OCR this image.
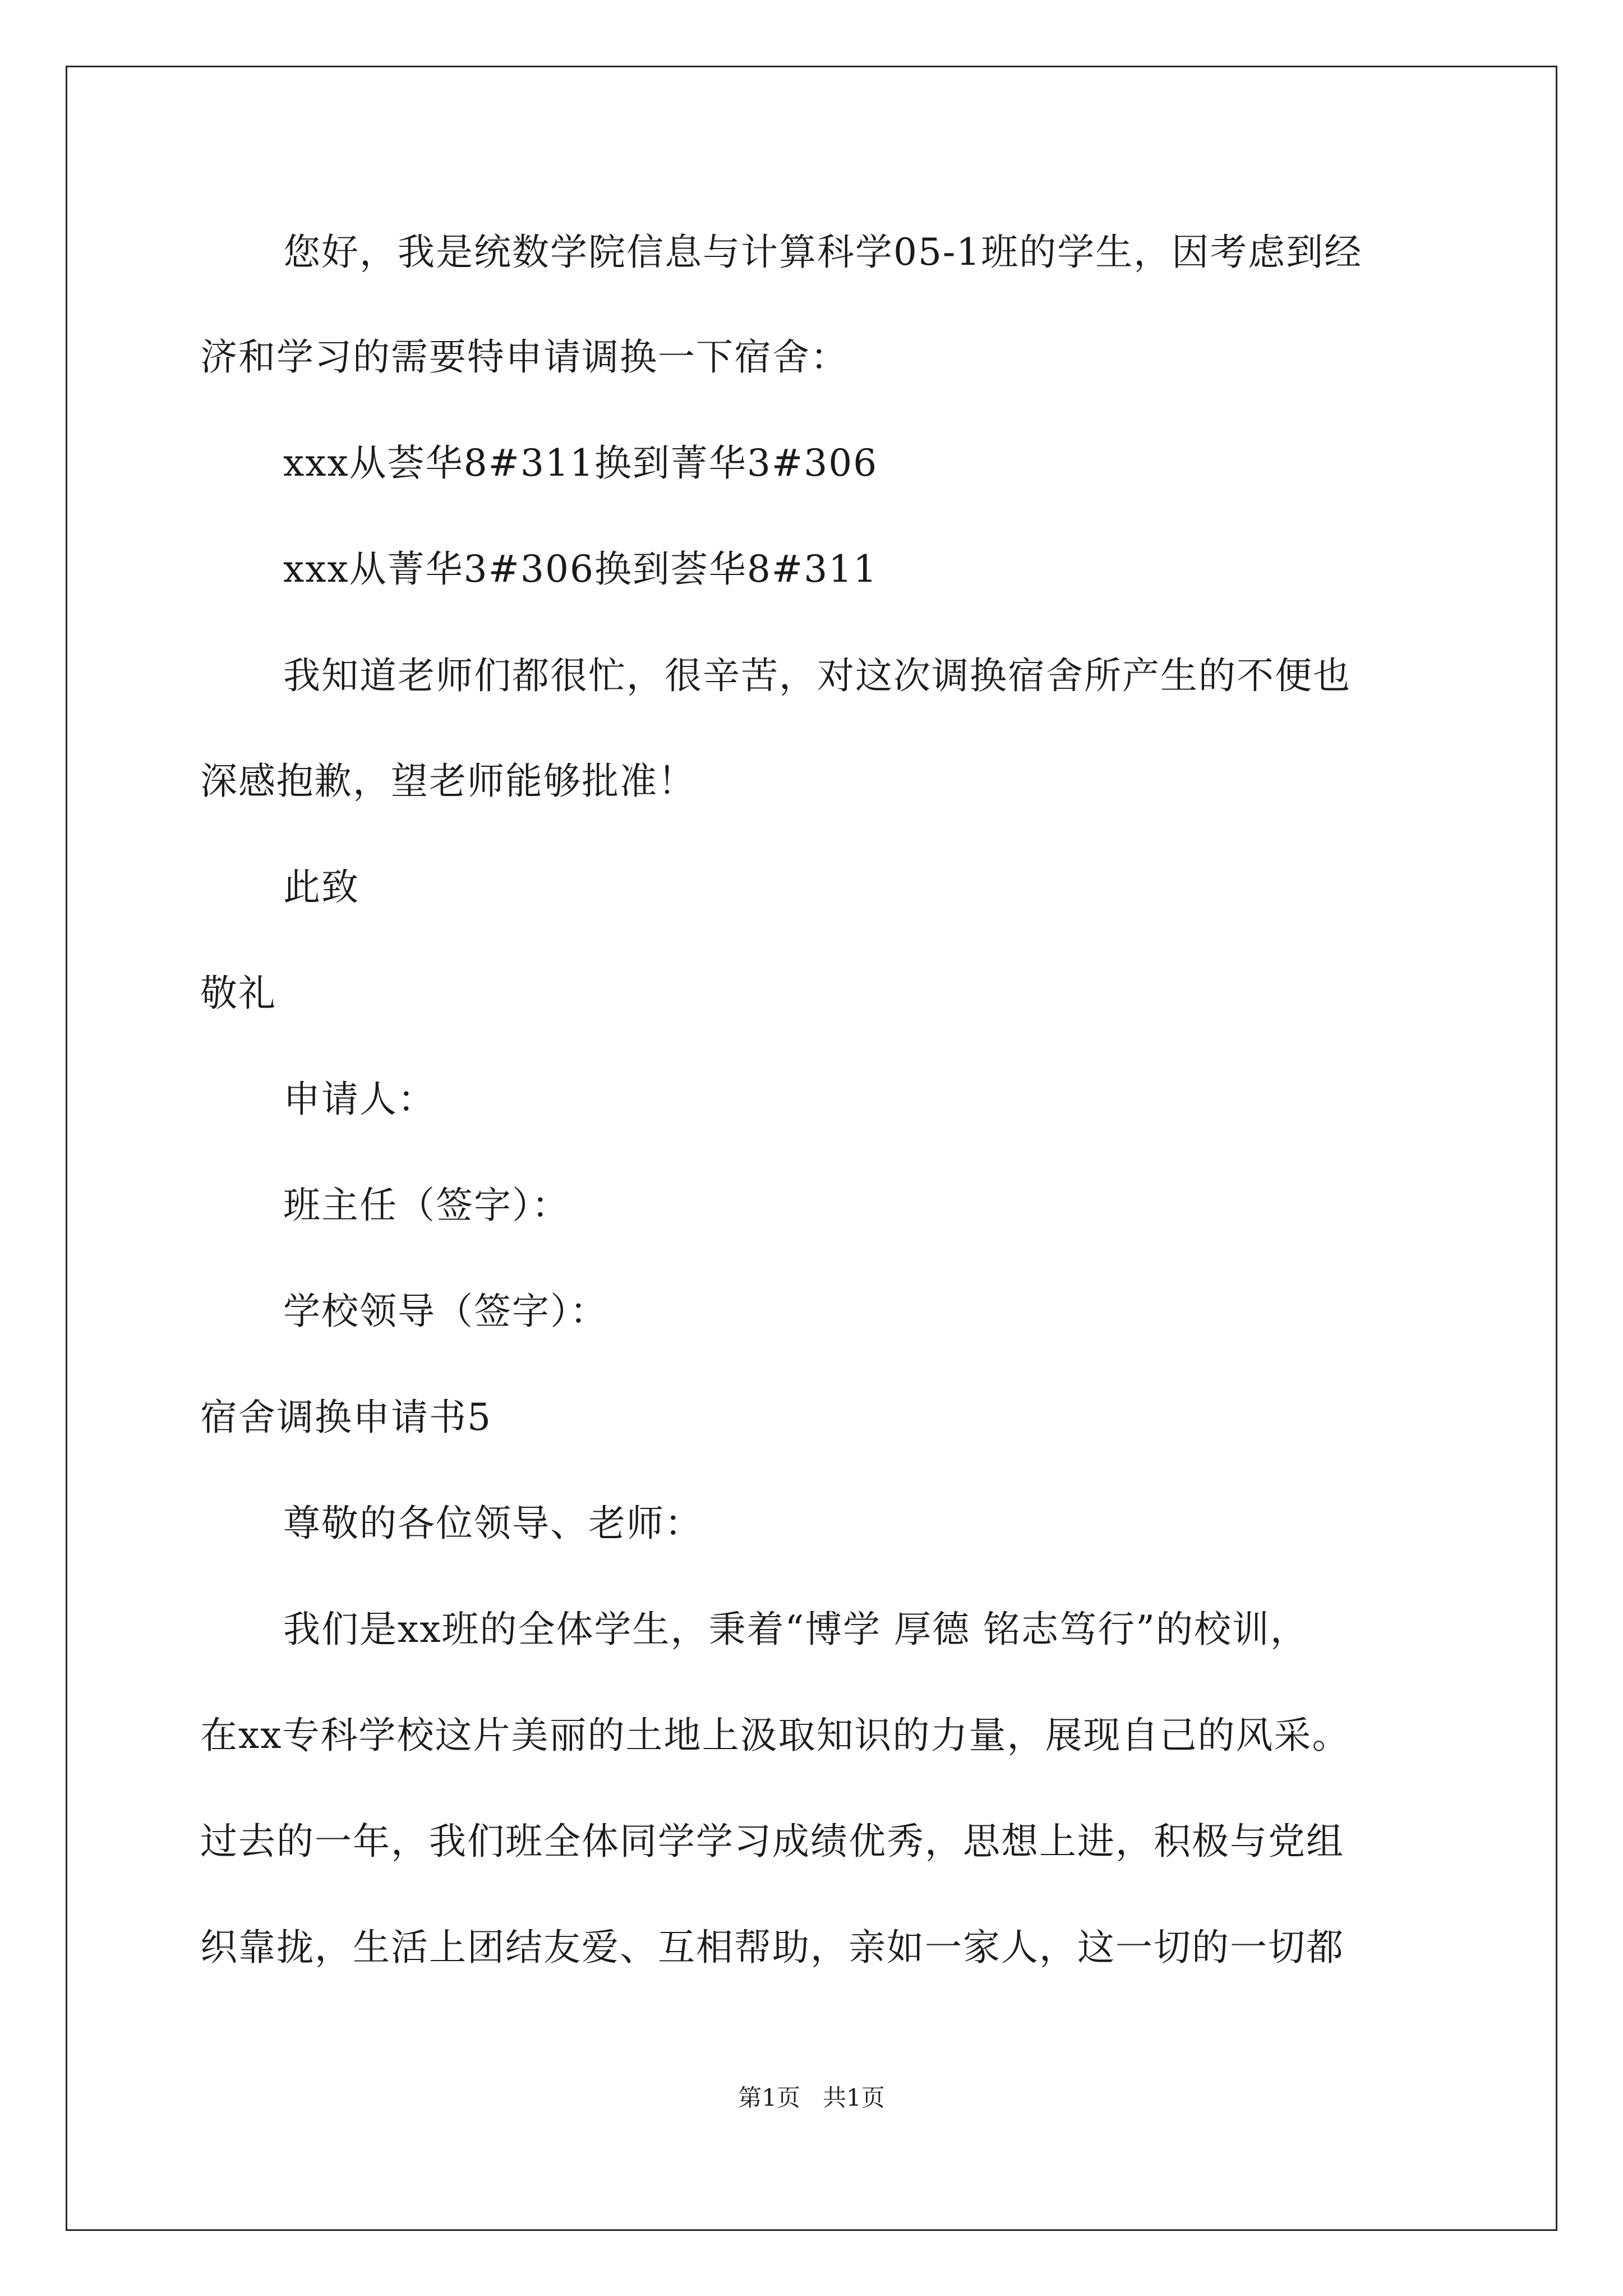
您好，我是统数学院信息与计算科学05-1班的学生，因考虑到经
济和学习的需要特申请调换一下宿舍：
xxx从荟华8#311换到菁华3#306
xxx从菁华3#306换到荟华8#311
我知道老师们都很忙，很辛苦，对这次调换宿舍所产生的不便也
深感抱歉，望老师能够批准！
此致
敬礼
申请人：
班主任（签字）：
学校领导（签字）：
宿舍调换申请书5
尊敬的各位领导、老师：
我们是xx班的全体学生，秉着“博学 厚德 铭志笃行”的校训，
在xx专科学校这片美丽的土地上汲取知识的力量，展现自己的风采。
过去的一年，我们班全体同学学习成绩优秀，思想上进，积极与党组
织靠拢，生活上团结友爱、互相帮助，亲如一家人，这一切的一切都
第1页   共1页
